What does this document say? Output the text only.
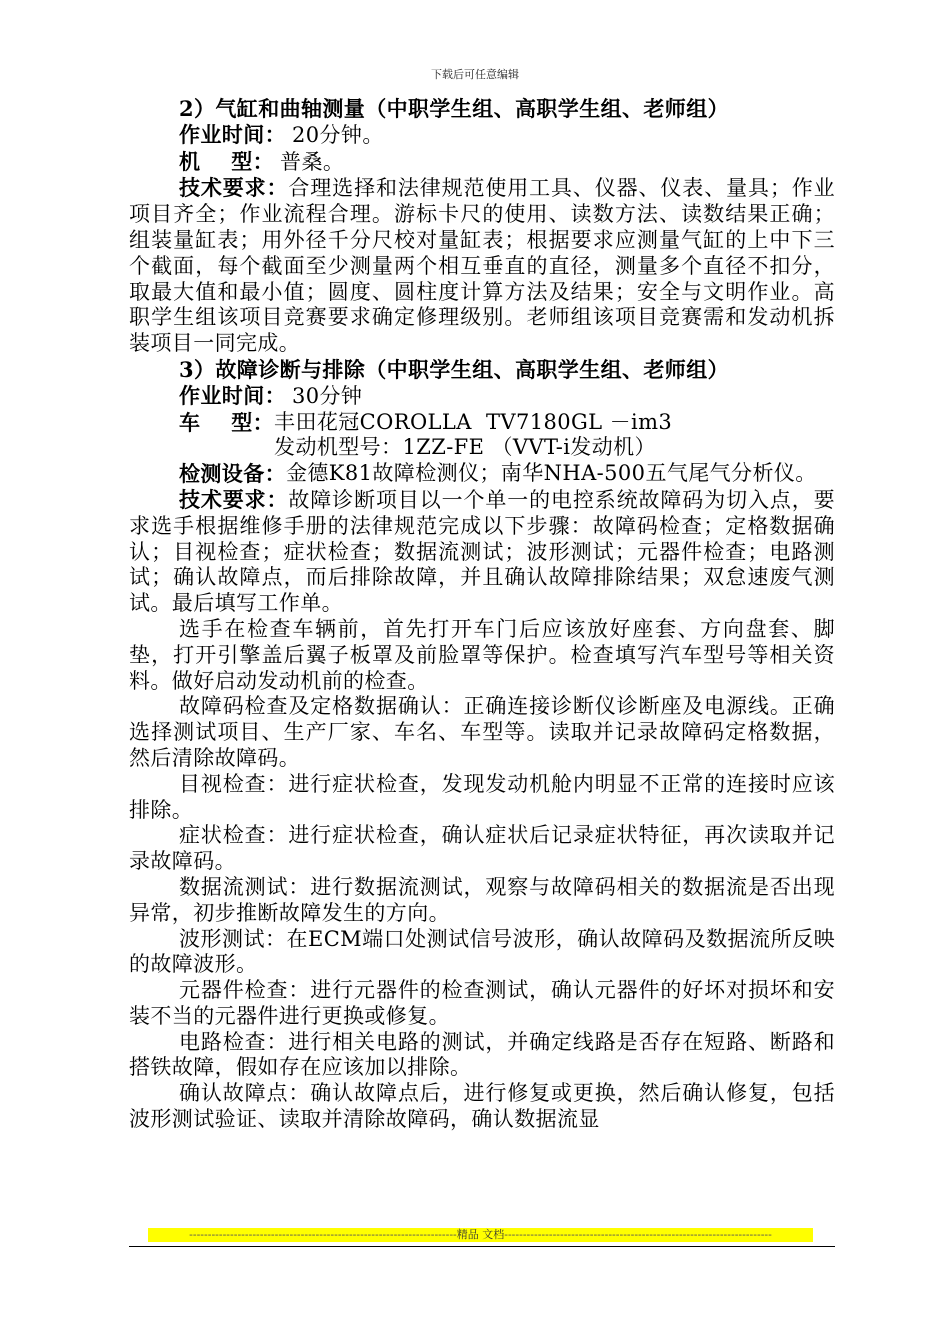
下载后可任意编辑

2）气缸和曲轴测量（中职学生组、高职学生组、老师组）

作业时间： 20分钟。
机    型： 普桑。

技术要求：合理选择和法律规范使用工具、仪器、仪表、量具；作业项目齐全；作业流程合理。游标卡尺的使用、读数方法、读数结果正确；组装量缸表；用外径千分尺校对量缸表；根据要求应测量气缸的上中下三个截面，每个截面至少测量两个相互垂直的直径，测量多个直径不扣分，取最大值和最小值；圆度、圆柱度计算方法及结果；安全与文明作业。高职学生组该项目竞赛要求确定修理级别。老师组该项目竞赛需和发动机拆装项目一同完成。

3）故障诊断与排除（中职学生组、高职学生组、老师组）

作业时间： 30分钟
车    型： 丰田花冠COROLLA  TV7180GL －im3
发动机型号：1ZZ-FE （VVT-i发动机）
检测设备： 金德K81故障检测仪；南华NHA-500五气尾气分析仪。

技术要求：故障诊断项目以一个单一的电控系统故障码为切入点，要求选手根据维修手册的法律规范完成以下步骤：故障码检查；定格数据确认；目视检查；症状检查；数据流测试；波形测试；元器件检查；电路测试；确认故障点，而后排除故障，并且确认故障排除结果；双怠速废气测试。最后填写工作单。

选手在检查车辆前，首先打开车门后应该放好座套、方向盘套、脚垫，打开引擎盖后翼子板罩及前脸罩等保护。检查填写汽车型号等相关资料。做好启动发动机前的检查。

故障码检查及定格数据确认：正确连接诊断仪诊断座及电源线。正确选择测试项目、生产厂家、车名、车型等。读取并记录故障码定格数据，然后清除故障码。

目视检查：进行症状检查，发现发动机舱内明显不正常的连接时应该排除。

症状检查：进行症状检查，确认症状后记录症状特征，再次读取并记录故障码。

数据流测试：进行数据流测试，观察与故障码相关的数据流是否出现异常，初步推断故障发生的方向。

波形测试：在ECM端口处测试信号波形，确认故障码及数据流所反映的故障波形。

元器件检查：进行元器件的检查测试，确认元器件的好坏对损坏和安装不当的元器件进行更换或修复。

电路检查：进行相关电路的测试，并确定线路是否存在短路、断路和搭铁故障，假如存在应该加以排除。

确认故障点：确认故障点后，进行修复或更换，然后确认修复，包括波形测试验证、读取并清除故障码，确认数据流显

------------------------------------------------------------------------精品 文档------------------------------------------------------------------------
